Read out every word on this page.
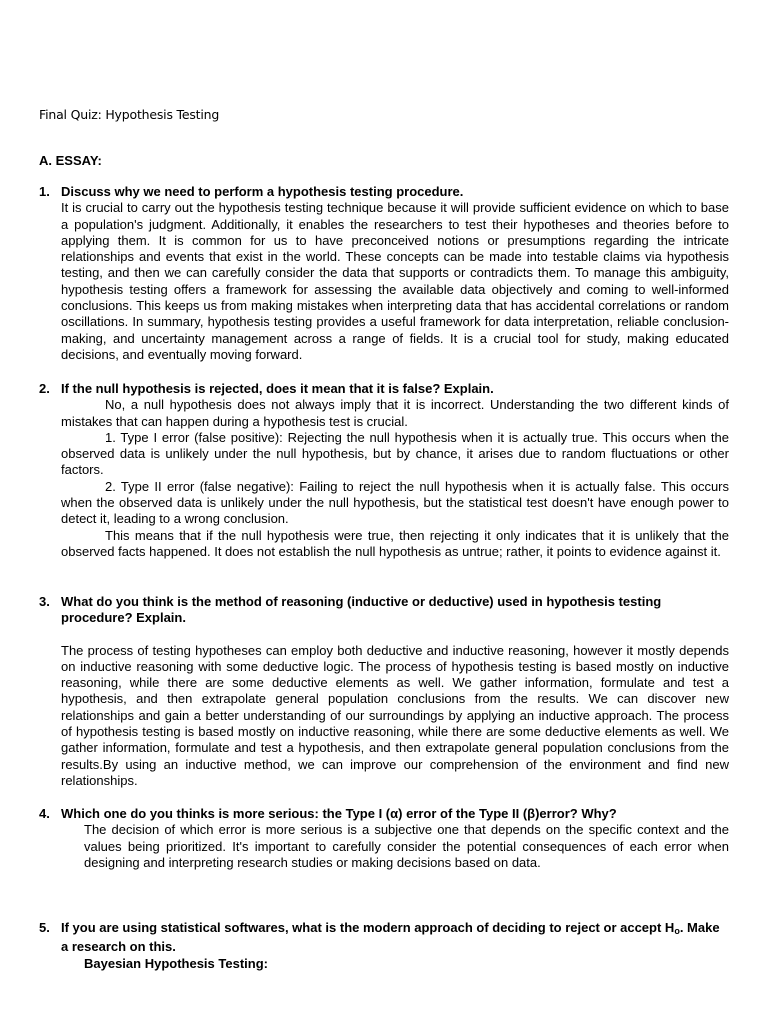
Final Quiz: Hypothesis Testing
A. ESSAY:
1. Discuss why we need to perform a hypothesis testing procedure.
It is crucial to carry out the hypothesis testing technique because it will provide sufficient evidence on which to base a population's judgment. Additionally, it enables the researchers to test their hypotheses and theories before to applying them. It is common for us to have preconceived notions or presumptions regarding the intricate relationships and events that exist in the world. These concepts can be made into testable claims via hypothesis testing, and then we can carefully consider the data that supports or contradicts them. To manage this ambiguity, hypothesis testing offers a framework for assessing the available data objectively and coming to well-informed conclusions. This keeps us from making mistakes when interpreting data that has accidental correlations or random oscillations. In summary, hypothesis testing provides a useful framework for data interpretation, reliable conclusion-making, and uncertainty management across a range of fields. It is a crucial tool for study, making educated decisions, and eventually moving forward.
2. If the null hypothesis is rejected, does it mean that it is false? Explain.
No, a null hypothesis does not always imply that it is incorrect. Understanding the two different kinds of mistakes that can happen during a hypothesis test is crucial.
1. Type I error (false positive): Rejecting the null hypothesis when it is actually true. This occurs when the observed data is unlikely under the null hypothesis, but by chance, it arises due to random fluctuations or other factors.
2. Type II error (false negative): Failing to reject the null hypothesis when it is actually false. This occurs when the observed data is unlikely under the null hypothesis, but the statistical test doesn't have enough power to detect it, leading to a wrong conclusion.
This means that if the null hypothesis were true, then rejecting it only indicates that it is unlikely that the observed facts happened. It does not establish the null hypothesis as untrue; rather, it points to evidence against it.
3. What do you think is the method of reasoning (inductive or deductive) used in hypothesis testing procedure? Explain.
The process of testing hypotheses can employ both deductive and inductive reasoning, however it mostly depends on inductive reasoning with some deductive logic. The process of hypothesis testing is based mostly on inductive reasoning, while there are some deductive elements as well. We gather information, formulate and test a hypothesis, and then extrapolate general population conclusions from the results. We can discover new relationships and gain a better understanding of our surroundings by applying an inductive approach. The process of hypothesis testing is based mostly on inductive reasoning, while there are some deductive elements as well. We gather information, formulate and test a hypothesis, and then extrapolate general population conclusions from the results.By using an inductive method, we can improve our comprehension of the environment and find new relationships.
4. Which one do you thinks is more serious: the Type I (α) error of the Type II (β)error? Why?
The decision of which error is more serious is a subjective one that depends on the specific context and the values being prioritized. It's important to carefully consider the potential consequences of each error when designing and interpreting research studies or making decisions based on data.
5. If you are using statistical softwares, what is the modern approach of deciding to reject or accept $H_o$. Make a research on this.
Bayesian Hypothesis Testing:
